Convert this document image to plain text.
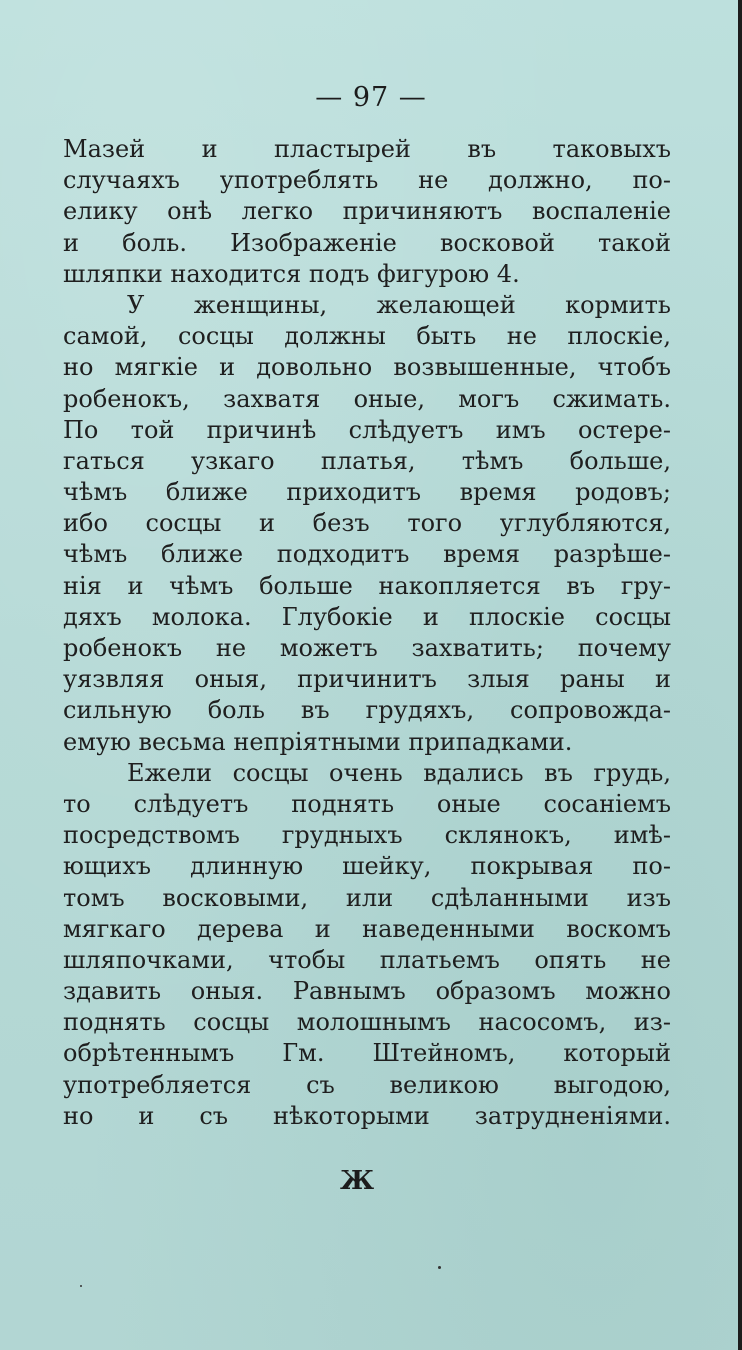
— 97 —
Мазей и пластырей въ таковыхъ
случаяхъ употреблять не должно, по-
елику онѣ легко причиняютъ воспаленіе
и боль. Изображеніе восковой такой
шляпки находится подъ фигурою 4.
У женщины, желающей кормить
самой, сосцы должны быть не плоскіе,
но мягкіе и довольно возвышенные, чтобъ
робенокъ, захватя оные, могъ сжимать.
По той причинѣ слѣдуетъ имъ остере-
гаться узкаго платья, тѣмъ больше,
чѣмъ ближе приходитъ время родовъ;
ибо сосцы и безъ того углубляются,
чѣмъ ближе подходитъ время разрѣше-
нія и чѣмъ больше накопляется въ гру-
дяхъ молока. Глубокіе и плоскіе сосцы
робенокъ не можетъ захватить; почему
уязвляя оныя, причинитъ злыя раны и
сильную боль въ грудяхъ, сопровожда-
емую весьма непріятными припадками.
Ежели сосцы очень вдались въ грудь,
то слѣдуетъ поднять оные сосаніемъ
посредствомъ грудныхъ склянокъ, имѣ-
ющихъ длинную шейку, покрывая по-
томъ восковыми, или сдѣланными изъ
мягкаго дерева и наведенными воскомъ
шляпочками, чтобы платьемъ опять не
здавить оныя. Равнымъ образомъ можно
поднять сосцы молошнымъ насосомъ, из-
обрѣтеннымъ Гм. Штейномъ, который
употребляется съ великою выгодою,
но и съ нѣкоторыми затрудненіями.
Ж
